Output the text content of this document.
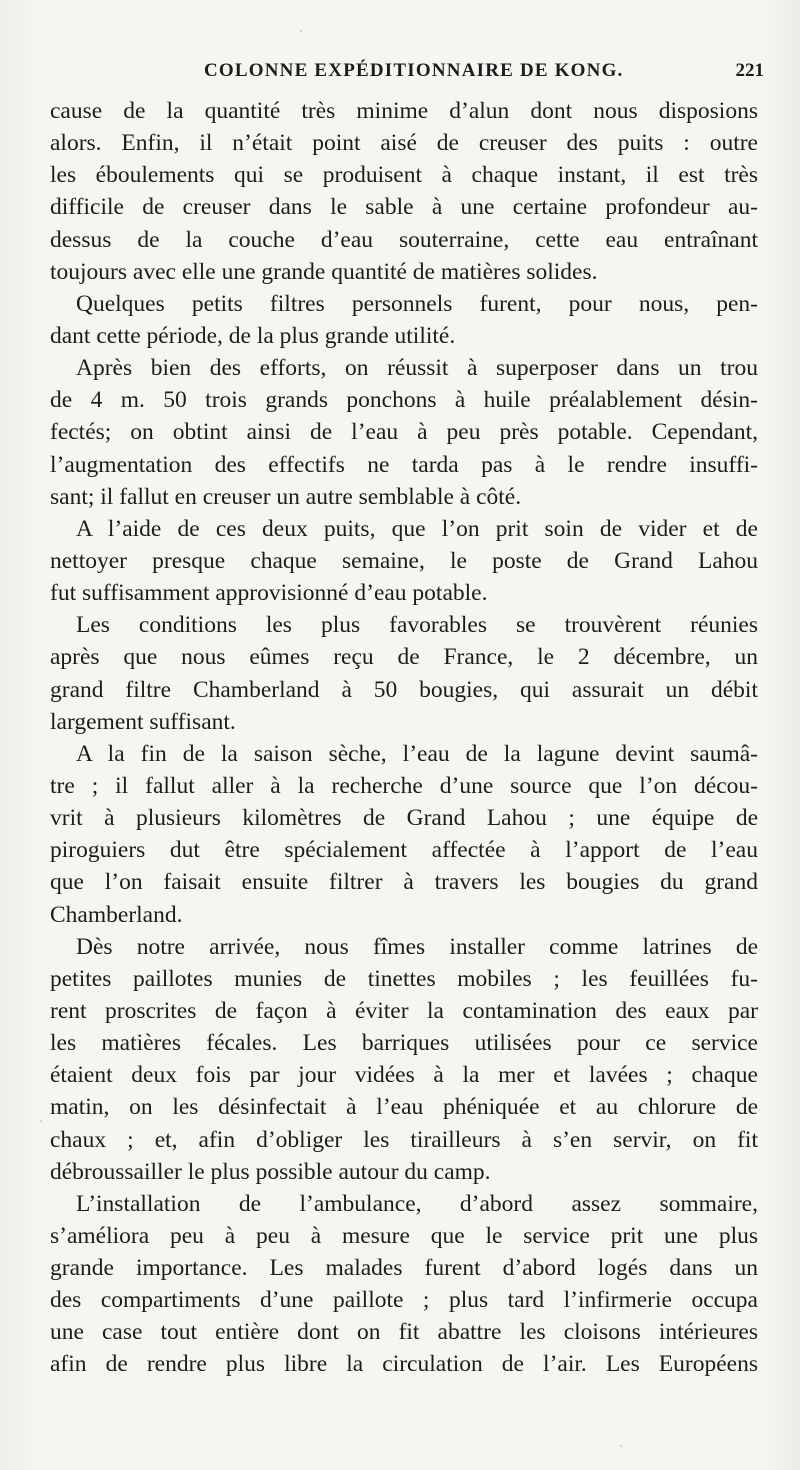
COLONNE EXPÉDITIONNAIRE DE KONG.	221
cause de la quantité très minime d’alun dont nous disposions
alors. Enfin, il n’était point aisé de creuser des puits : outre
les éboulements qui se produisent à chaque instant, il est très
difficile de creuser dans le sable à une certaine profondeur au-
dessus de la couche d’eau souterraine, cette eau entraînant
toujours avec elle une grande quantité de matières solides.
Quelques petits filtres personnels furent, pour nous, pen-
dant cette période, de la plus grande utilité.
Après bien des efforts, on réussit à superposer dans un trou
de 4 m. 50 trois grands ponchons à huile préalablement désin-
fectés; on obtint ainsi de l’eau à peu près potable. Cependant,
l’augmentation des effectifs ne tarda pas à le rendre insuffi-
sant; il fallut en creuser un autre semblable à côté.
A l’aide de ces deux puits, que l’on prit soin de vider et de
nettoyer presque chaque semaine, le poste de Grand Lahou
fut suffisamment approvisionné d’eau potable.
Les conditions les plus favorables se trouvèrent réunies
après que nous eûmes reçu de France, le 2 décembre, un
grand filtre Chamberland à 50 bougies, qui assurait un débit
largement suffisant.
A la fin de la saison sèche, l’eau de la lagune devint saumâ-
tre ; il fallut aller à la recherche d’une source que l’on décou-
vrit à plusieurs kilomètres de Grand Lahou ; une équipe de
piroguiers dut être spécialement affectée à l’apport de l’eau
que l’on faisait ensuite filtrer à travers les bougies du grand
Chamberland.
Dès notre arrivée, nous fîmes installer comme latrines de
petites paillotes munies de tinettes mobiles ; les feuillées fu-
rent proscrites de façon à éviter la contamination des eaux par
les matières fécales. Les barriques utilisées pour ce service
étaient deux fois par jour vidées à la mer et lavées ; chaque
matin, on les désinfectait à l’eau phéniquée et au chlorure de
chaux ; et, afin d’obliger les tirailleurs à s’en servir, on fit
débroussailler le plus possible autour du camp.
L’installation de l’ambulance, d’abord assez sommaire,
s’améliora peu à peu à mesure que le service prit une plus
grande importance. Les malades furent d’abord logés dans un
des compartiments d’une paillote ; plus tard l’infirmerie occupa
une case tout entière dont on fit abattre les cloisons intérieures
afin de rendre plus libre la circulation de l’air. Les Européens
